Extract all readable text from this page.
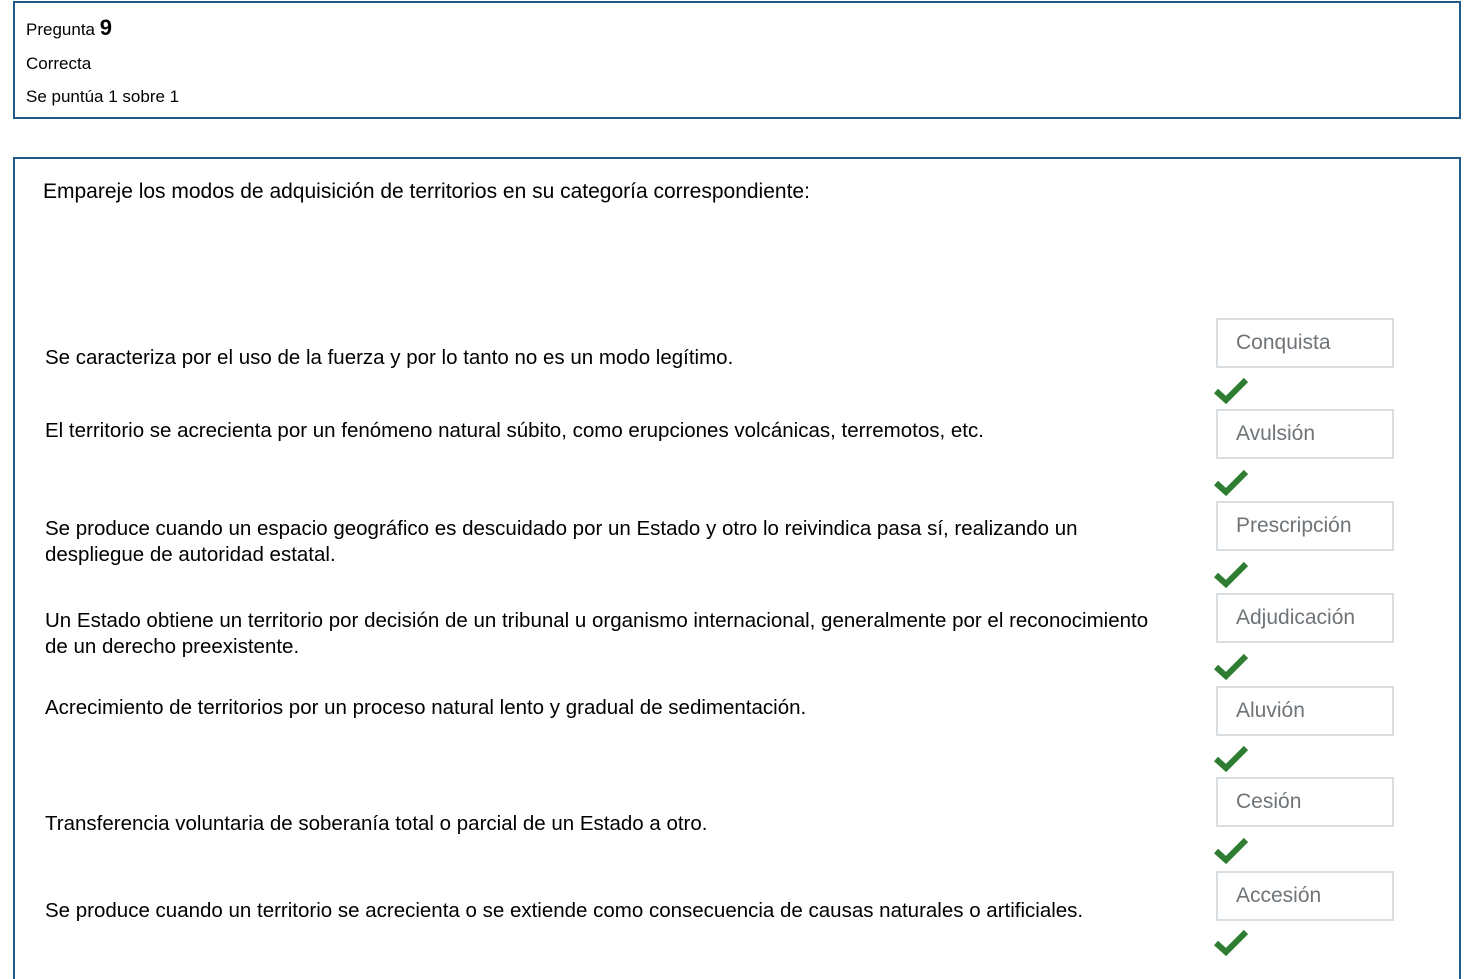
Pregunta 9
Correcta
Se puntúa 1 sobre 1
Empareje los modos de adquisición de territorios en su categoría correspondiente:
Se caracteriza por el uso de la fuerza y por lo tanto no es un modo legítimo.
Conquista
El territorio se acrecienta por un fenómeno natural súbito, como erupciones volcánicas, terremotos, etc.	Avulsión
Se produce cuando un espacio geográfico es descuidado por un Estado y otro lo reivindica pasa sí, realizando un despliegue de autoridad estatal.
Prescripción
Un Estado obtiene un territorio por decisión de un tribunal u organismo internacional, generalmente por el reconocimiento de un derecho preexistente.
Adjudicación
Acrecimiento de territorios por un proceso natural lento y gradual de sedimentación.	Aluvión
Transferencia voluntaria de soberanía total o parcial de un Estado a otro.
Cesión
Se produce cuando un territorio se acrecienta o se extiende como consecuencia de causas naturales o artificiales.
Accesión
